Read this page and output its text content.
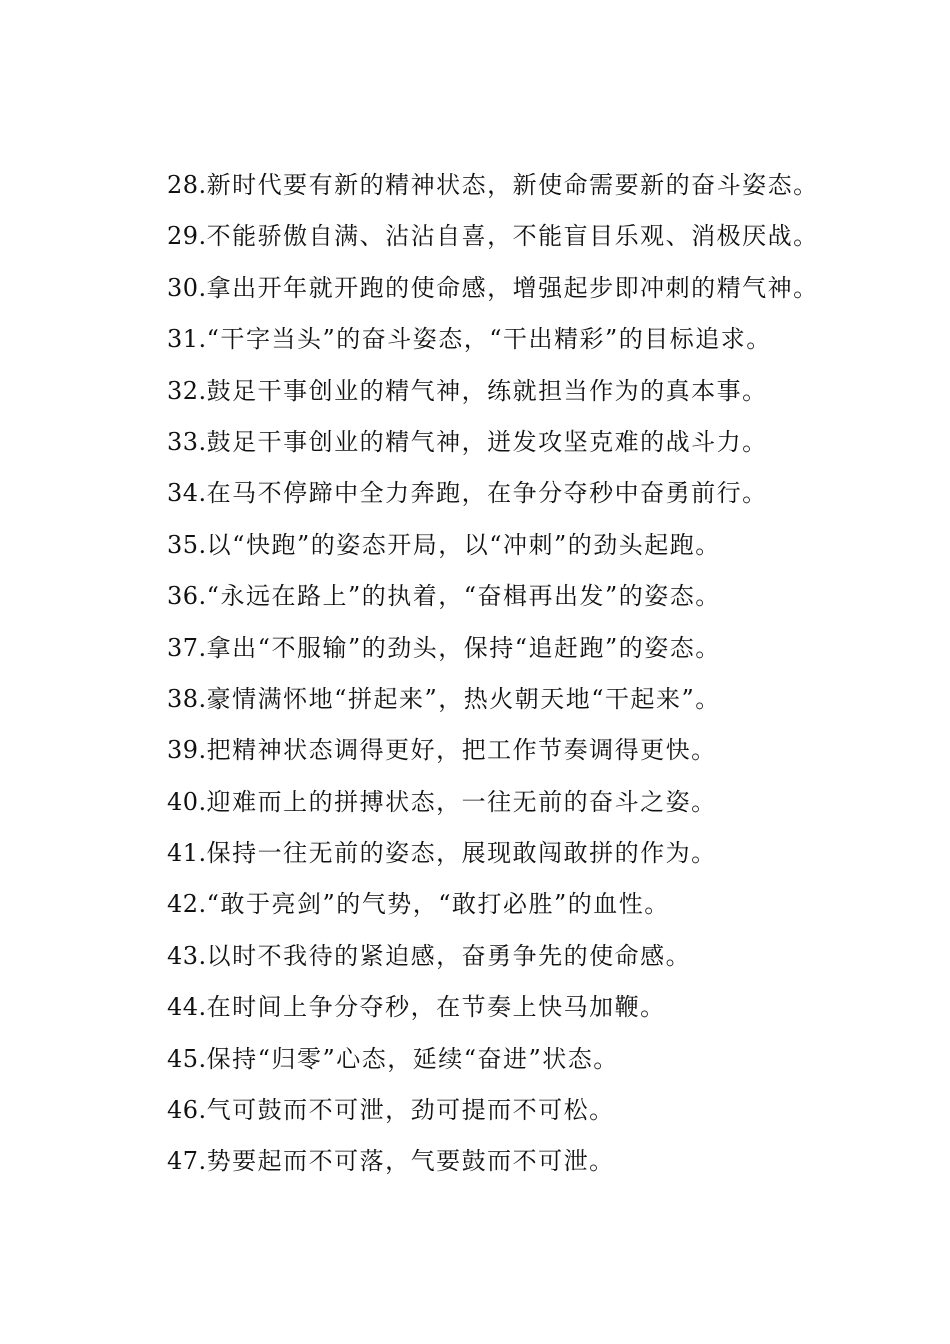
28.新时代要有新的精神状态，新使命需要新的奋斗姿态。
29.不能骄傲自满、沾沾自喜，不能盲目乐观、消极厌战。
30.拿出开年就开跑的使命感，增强起步即冲刺的精气神。
31.“干字当头”的奋斗姿态，“干出精彩”的目标追求。
32.鼓足干事创业的精气神，练就担当作为的真本事。
33.鼓足干事创业的精气神，迸发攻坚克难的战斗力。
34.在马不停蹄中全力奔跑，在争分夺秒中奋勇前行。
35.以“快跑”的姿态开局，以“冲刺”的劲头起跑。
36.“永远在路上”的执着，“奋楫再出发”的姿态。
37.拿出“不服输”的劲头，保持“追赶跑”的姿态。
38.豪情满怀地“拼起来”，热火朝天地“干起来”。
39.把精神状态调得更好，把工作节奏调得更快。
40.迎难而上的拼搏状态，一往无前的奋斗之姿。
41.保持一往无前的姿态，展现敢闯敢拼的作为。
42.“敢于亮剑”的气势，“敢打必胜”的血性。
43.以时不我待的紧迫感，奋勇争先的使命感。
44.在时间上争分夺秒，在节奏上快马加鞭。
45.保持“归零”心态，延续“奋进”状态。
46.气可鼓而不可泄，劲可提而不可松。
47.势要起而不可落，气要鼓而不可泄。
